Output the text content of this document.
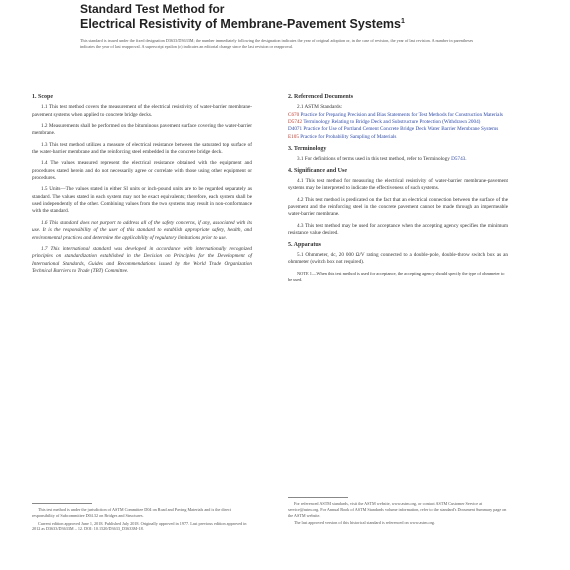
Standard Test Method for
Electrical Resistivity of Membrane-Pavement Systems$^1$

This standard is issued under the fixed designation D3633/D3633M; the number immediately following the designation indicates the year of original adoption or, in the case of revision, the year of last revision. A number in parentheses indicates the year of last reapproval. A superscript epsilon (ε) indicates an editorial change since the last revision or reapproval.

1. Scope

1.1 This test method covers the measurement of the electrical resistivity of water-barrier membrane-pavement systems when applied to concrete bridge decks.

1.2 Measurements shall be performed on the bituminous pavement surface covering the water-barrier membrane.

1.3 This test method utilizes a measure of electrical resistance between the saturated top surface of the water-barrier membrane and the reinforcing steel embedded in the concrete bridge deck.

1.4 The values measured represent the electrical resistance obtained with the equipment and procedures stated herein and do not necessarily agree or correlate with those using other equipment or procedures.

1.5 Units—The values stated in either SI units or inch-pound units are to be regarded separately as standard. The values stated in each system may not be exact equivalents; therefore, each system shall be used independently of the other. Combining values from the two systems may result in non-conformance with the standard.

1.6 This standard does not purport to address all of the safety concerns, if any, associated with its use. It is the responsibility of the user of this standard to establish appropriate safety, health, and environmental practices and determine the applicability of regulatory limitations prior to use.

1.7 This international standard was developed in accordance with internationally recognized principles on standardization established in the Decision on Principles for the Development of International Standards, Guides and Recommendations issued by the World Trade Organization Technical Barriers to Trade (TBT) Committee.

This test method is under the jurisdiction of ASTM Committee D04 on Road and Paving Materials and is the direct responsibility of Subcommittee D04.32 on Bridges and Structures.

Current edition approved June 1, 2018. Published July 2018. Originally approved in 1977. Last previous edition approved in 2012 as D3633/D3633M – 12. DOI: 10.1520/D3633_D3633M-18.

2. Referenced Documents

2.1 ASTM Standards:

C670 Practice for Preparing Precision and Bias Statements for Test Methods for Construction Materials
D5742 Terminology Relating to Bridge Deck and Substructure Protection (Withdrawn 2004)
D4071 Practice for Use of Portland Cement Concrete Bridge Deck Water Barrier Membrane Systems
E105 Practice for Probability Sampling of Materials
3. Terminology

3.1 For definitions of terms used in this test method, refer to Terminology D5743.

4. Significance and Use

4.1 This test method for measuring the electrical resistivity of water-barrier membrane-pavement systems may be interpreted to indicate the effectiveness of such systems.

4.2 This test method is predicated on the fact that an electrical connection between the surface of the pavement and the reinforcing steel in the concrete pavement cannot be made through an impermeable water-barrier membrane.

4.3 This test method may be used for acceptance when the accepting agency specifies the minimum resistance value desired.

5. Apparatus

5.1 Ohmmeter, dc, 20 000 Ω/V rating connected to a double-pole, double-throw switch box as an ohmmeter (switch box not required).

NOTE 1—When this test method is used for acceptance, the accepting agency should specify the type of ohmmeter to be used.

For referenced ASTM standards, visit the ASTM website, www.astm.org, or contact ASTM Customer Service at service@astm.org. For Annual Book of ASTM Standards volume information, refer to the standard's Document Summary page on the ASTM website.

The last approved version of this historical standard is referenced on www.astm.org.
